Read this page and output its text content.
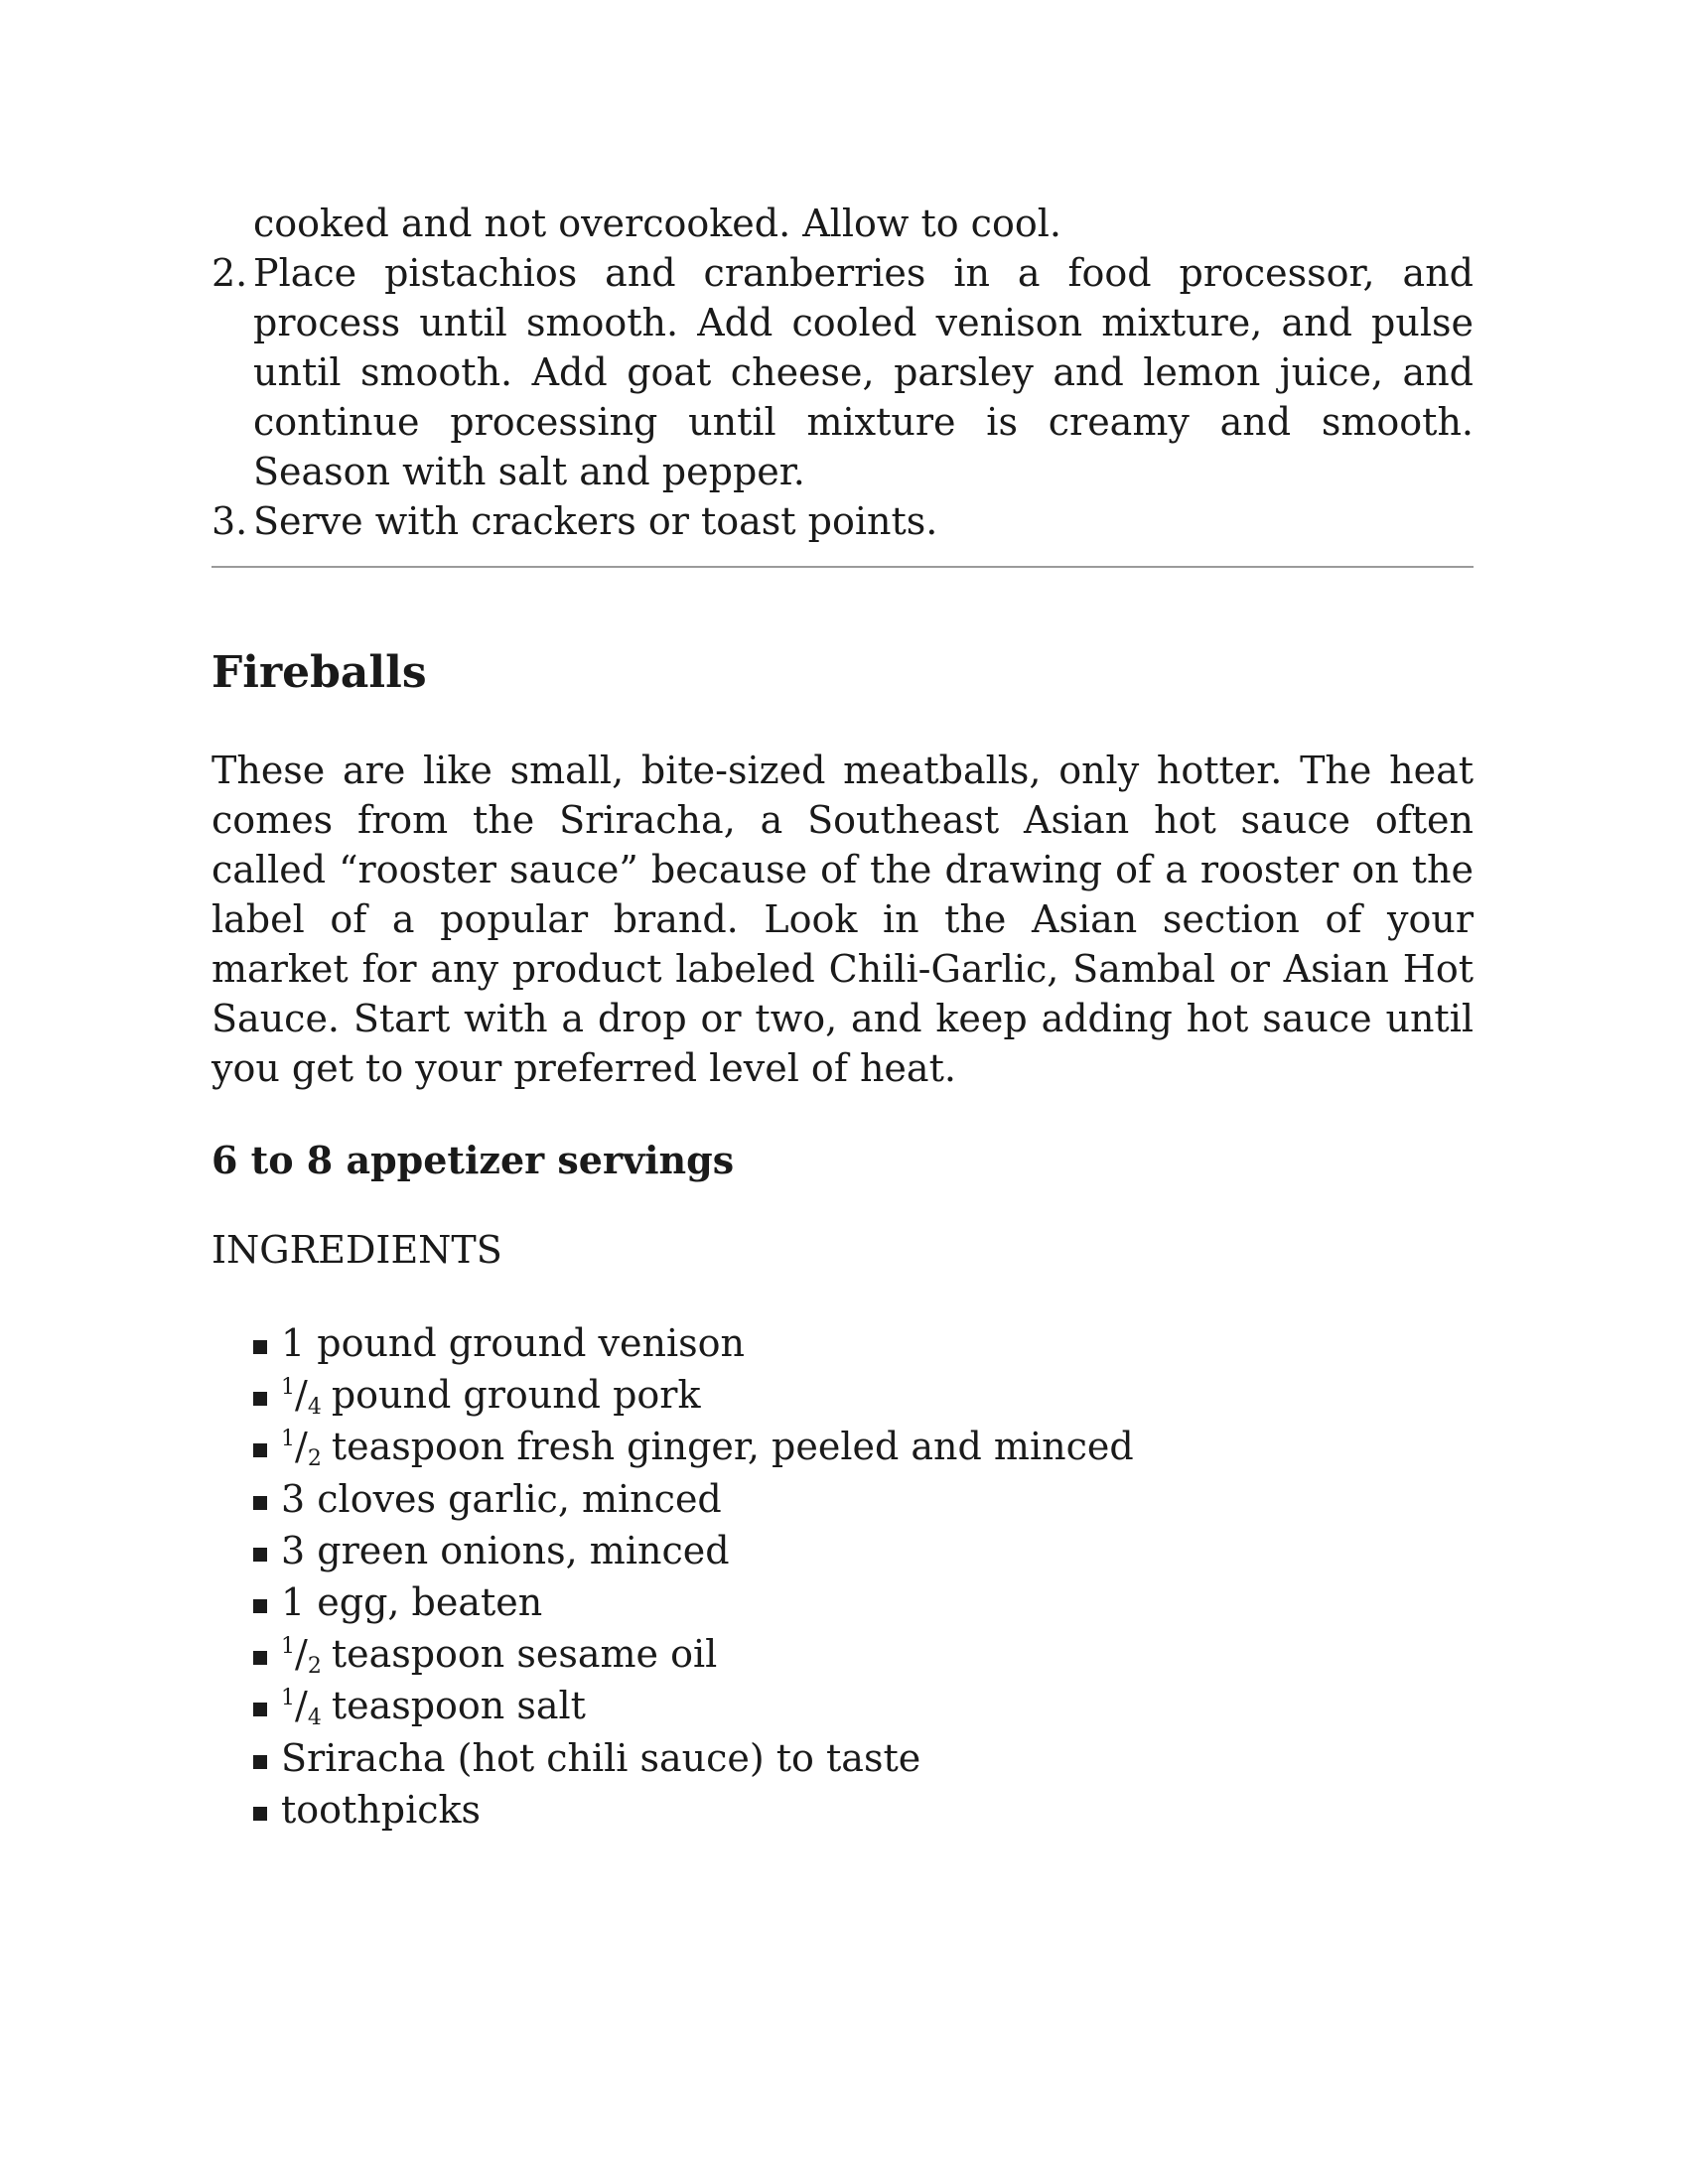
cooked and not overcooked. Allow to cool.
2. Place pistachios and cranberries in a food processor, and process until smooth. Add cooled venison mixture, and pulse until smooth. Add goat cheese, parsley and lemon juice, and continue processing until mixture is creamy and smooth. Season with salt and pepper.
3. Serve with crackers or toast points.
Fireballs

These are like small, bite-sized meatballs, only hotter. The heat comes from the Sriracha, a Southeast Asian hot sauce often called “rooster sauce” because of the drawing of a rooster on the label of a popular brand. Look in the Asian section of your market for any product labeled Chili-Garlic, Sambal or Asian Hot Sauce. Start with a drop or two, and keep adding hot sauce until you get to your preferred level of heat.

6 to 8 appetizer servings

INGREDIENTS

1 pound ground venison
$^1/_4$ pound ground pork
$^1/_2$ teaspoon fresh ginger, peeled and minced
3 cloves garlic, minced
3 green onions, minced
1 egg, beaten
$^1/_2$ teaspoon sesame oil
$^1/_4$ teaspoon salt
Sriracha (hot chili sauce) to taste
toothpicks
